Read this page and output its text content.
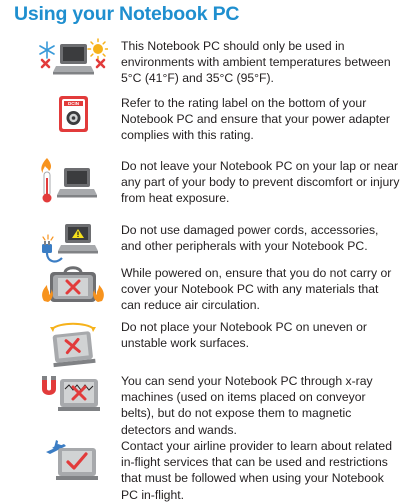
Using your Notebook PC
This Notebook PC should only be used in environments with ambient temperatures between 5°C (41°F) and 35°C (95°F).
DCIN	Refer to the rating label on the bottom of your Notebook PC and ensure that your power adapter complies with this rating.
Do not leave your Notebook PC on your lap or near any part of your body to prevent discomfort or injury from heat exposure.
Do not use damaged power cords, accessories, and other peripherals with your Notebook PC.
While powered on, ensure that you do not carry or cover your Notebook PC with any materials that can reduce air circulation.
Do not place your Notebook PC on uneven or unstable work surfaces.
You can send your Notebook PC through x-ray machines (used on items placed on conveyor belts), but do not expose them to magnetic detectors and wands.
Contact your airline provider to learn about related in-flight services that can be used and restrictions that must be followed when using your Notebook PC in-flight.
